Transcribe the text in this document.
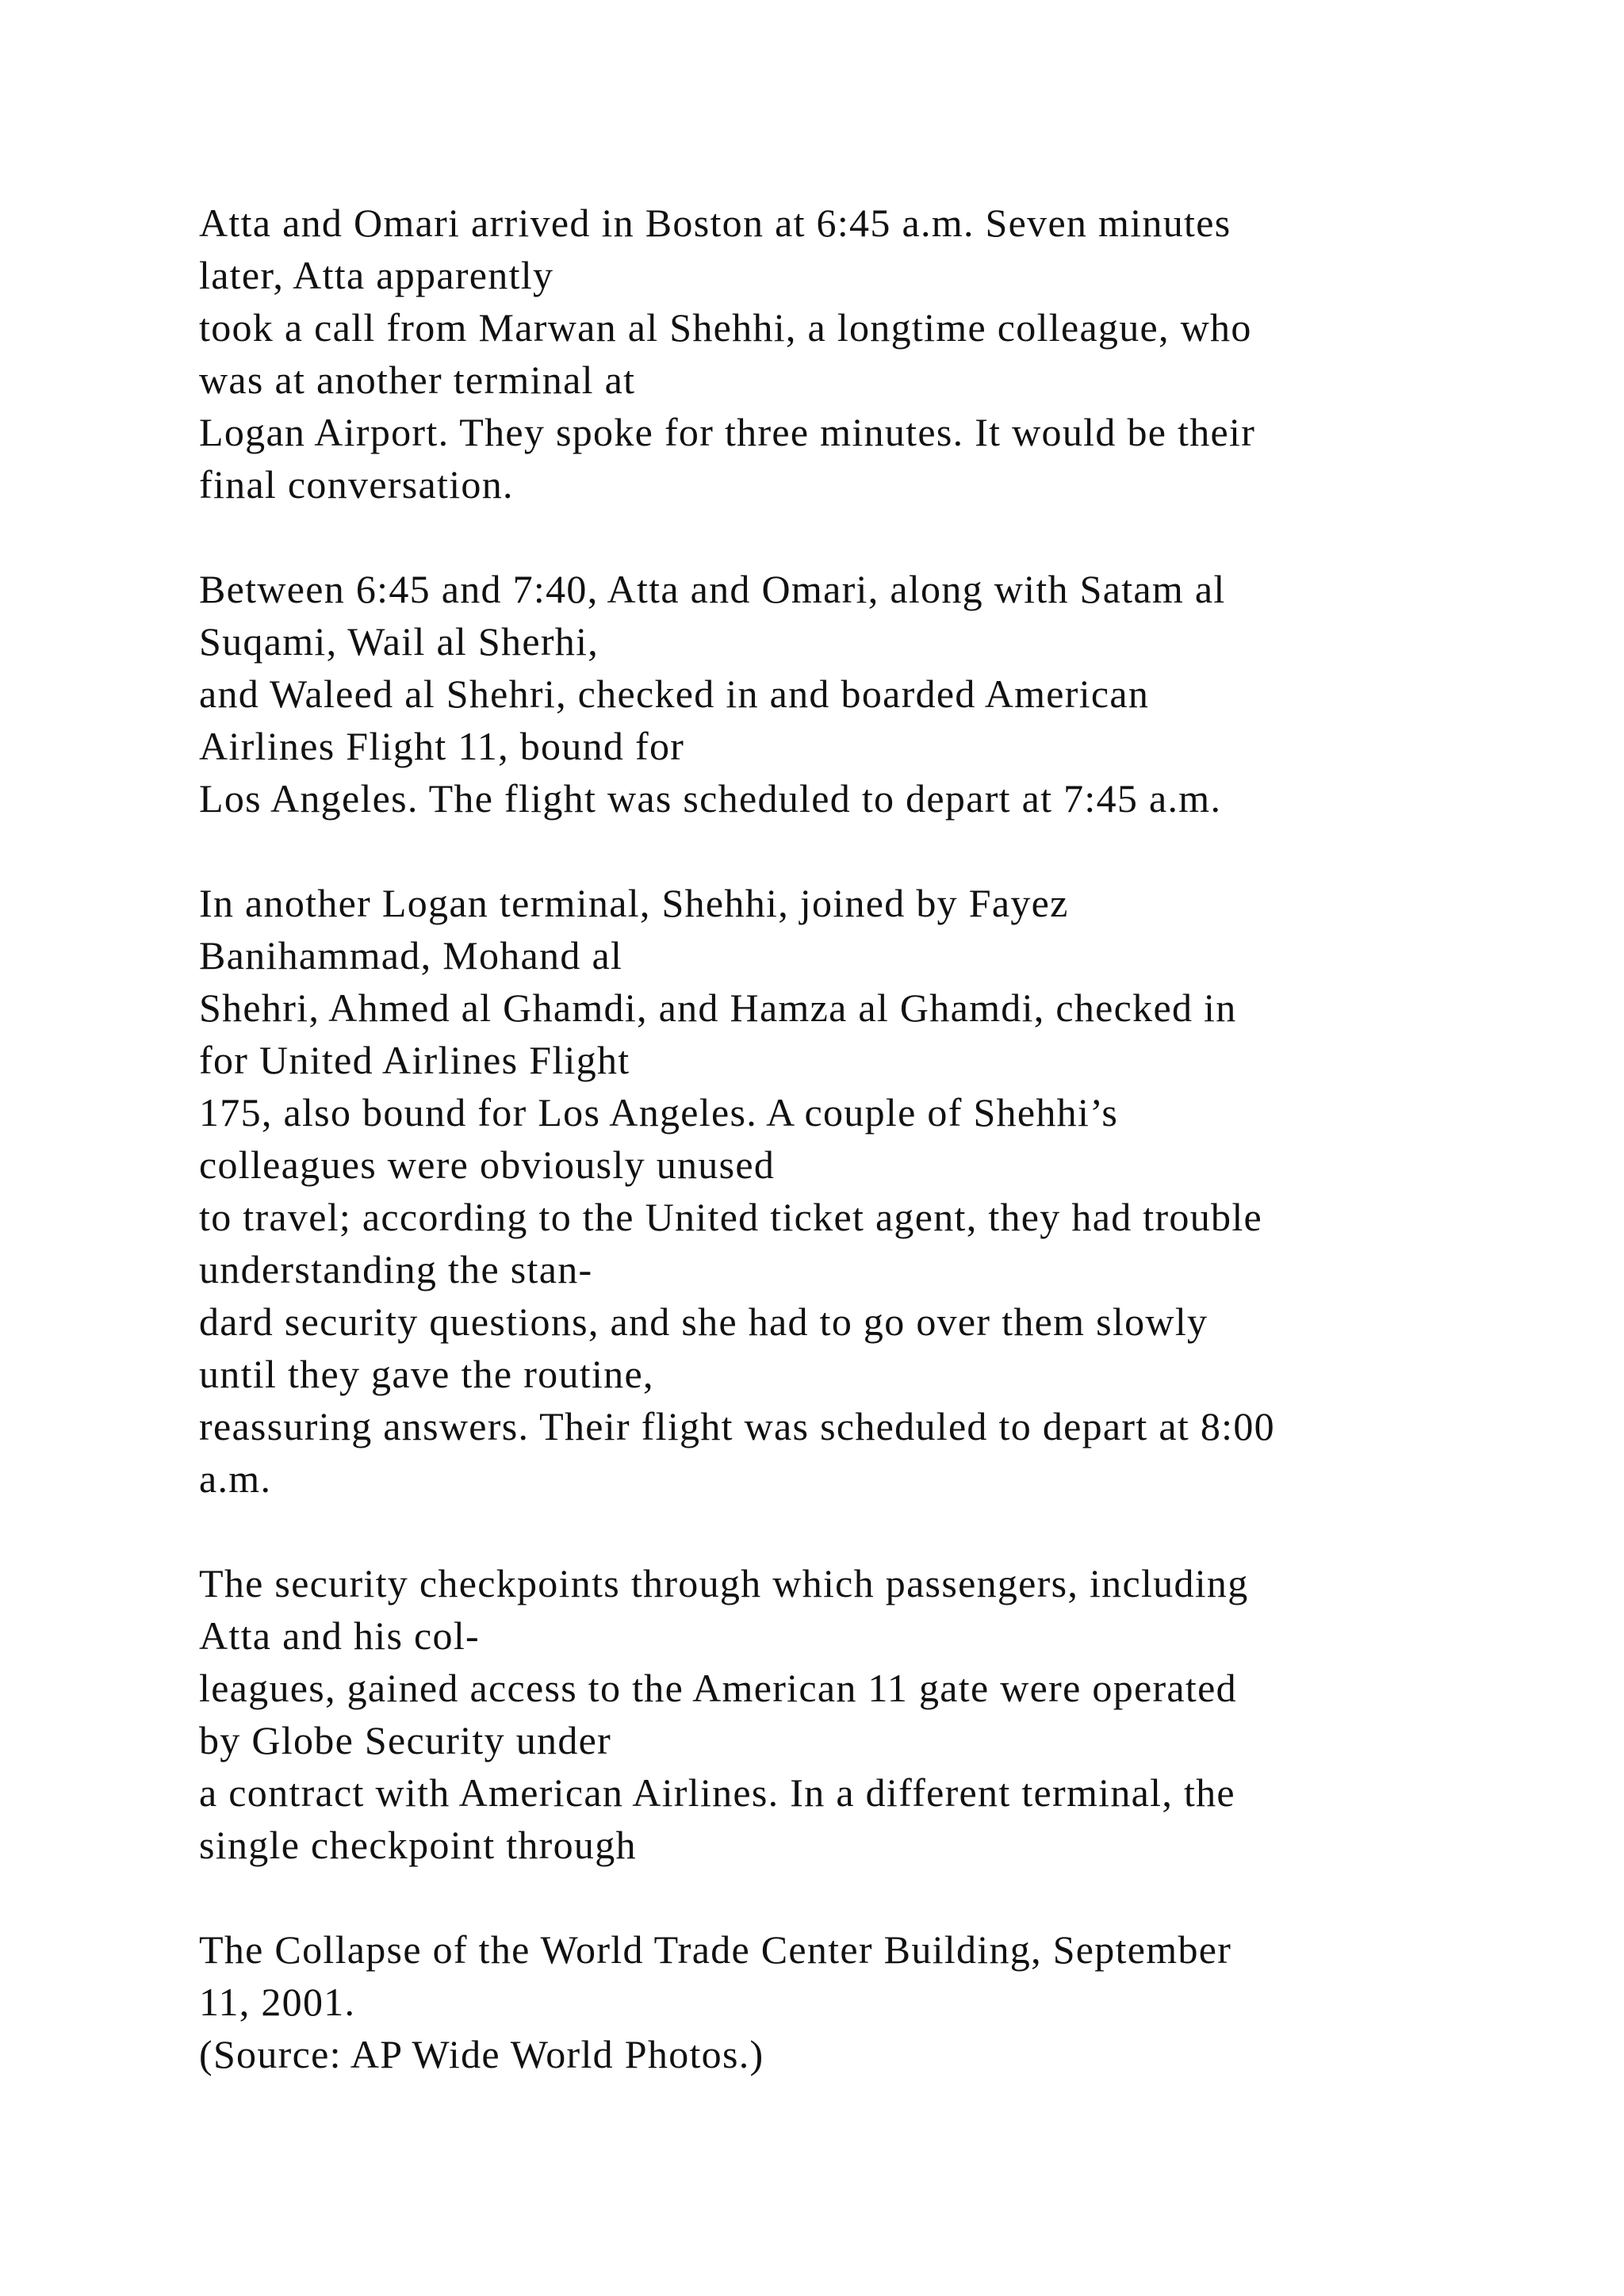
Atta and Omari arrived in Boston at 6:45 a.m. Seven minutes
later, Atta apparently
took a call from Marwan al Shehhi, a longtime colleague, who
was at another terminal at
Logan Airport. They spoke for three minutes. It would be their
final conversation.

Between 6:45 and 7:40, Atta and Omari, along with Satam al
Suqami, Wail al Sherhi,
and Waleed al Shehri, checked in and boarded American
Airlines Flight 11, bound for
Los Angeles. The flight was scheduled to depart at 7:45 a.m.

In another Logan terminal, Shehhi, joined by Fayez
Banihammad, Mohand al
Shehri, Ahmed al Ghamdi, and Hamza al Ghamdi, checked in
for United Airlines Flight
175, also bound for Los Angeles. A couple of Shehhi’s
colleagues were obviously unused
to travel; according to the United ticket agent, they had trouble
understanding the stan-
dard security questions, and she had to go over them slowly
until they gave the routine,
reassuring answers. Their flight was scheduled to depart at 8:00
a.m.

The security checkpoints through which passengers, including
Atta and his col-
leagues, gained access to the American 11 gate were operated
by Globe Security under
a contract with American Airlines. In a different terminal, the
single checkpoint through

The Collapse of the World Trade Center Building, September
11, 2001.
(Source: AP Wide World Photos.)
